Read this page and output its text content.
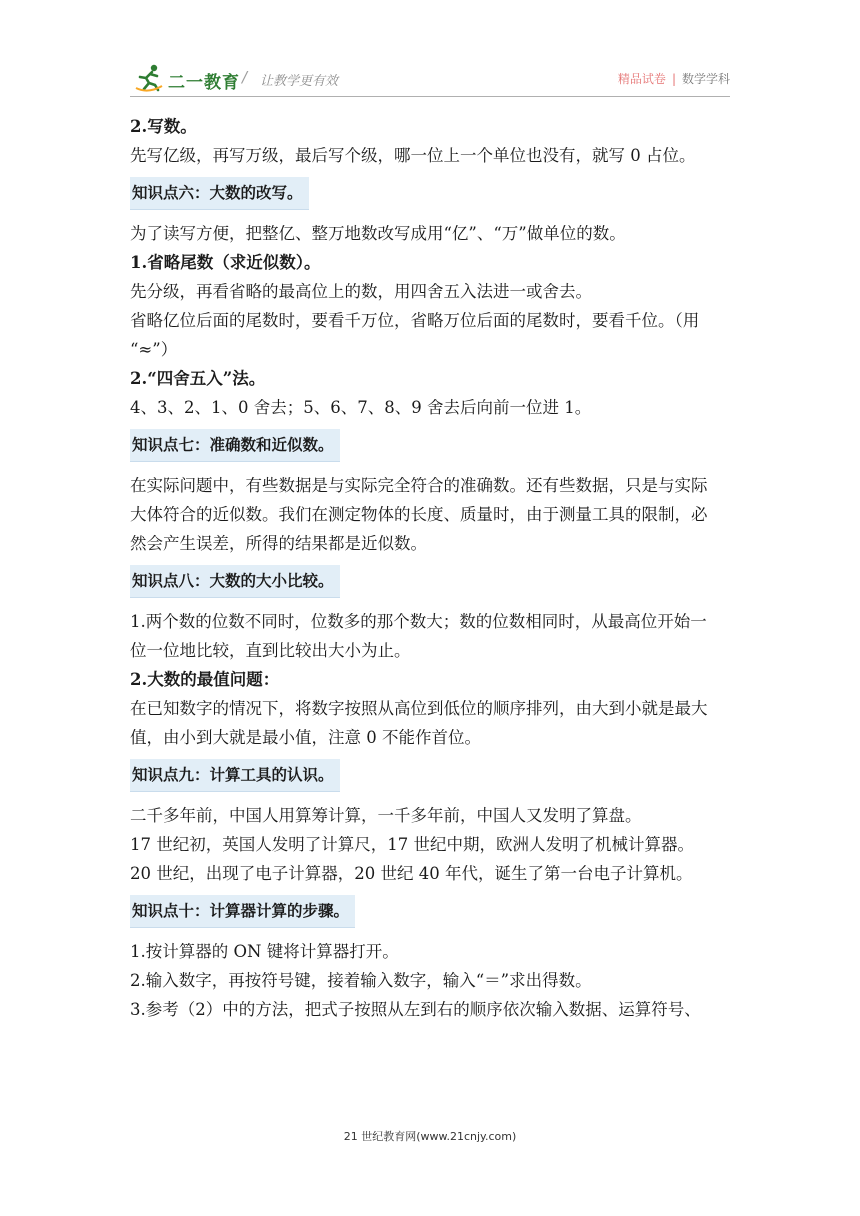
二一教育 / 让教学更有效	精品试卷 | 数学学科
2.写数。
先写亿级，再写万级，最后写个级，哪一位上一个单位也没有，就写 0 占位。
知识点六：大数的改写。
为了读写方便，把整亿、整万地数改写成用“亿”、“万”做单位的数。
1.省略尾数（求近似数）。
先分级，再看省略的最高位上的数，用四舍五入法进一或舍去。
省略亿位后面的尾数时，要看千万位，省略万位后面的尾数时，要看千位。（用
“≈”）
2.“四舍五入”法。
4、3、2、1、0 舍去；5、6、7、8、9 舍去后向前一位进 1。
知识点七：准确数和近似数。
在实际问题中，有些数据是与实际完全符合的准确数。还有些数据，只是与实际
大体符合的近似数。我们在测定物体的长度、质量时，由于测量工具的限制，必
然会产生误差，所得的结果都是近似数。
知识点八：大数的大小比较。
1.两个数的位数不同时，位数多的那个数大；数的位数相同时，从最高位开始一
位一位地比较，直到比较出大小为止。
2.大数的最值问题：
在已知数字的情况下，将数字按照从高位到低位的顺序排列，由大到小就是最大
值，由小到大就是最小值，注意 0 不能作首位。
知识点九：计算工具的认识。
二千多年前，中国人用算筹计算，一千多年前，中国人又发明了算盘。
17 世纪初，英国人发明了计算尺，17 世纪中期，欧洲人发明了机械计算器。
20 世纪，出现了电子计算器，20 世纪 40 年代，诞生了第一台电子计算机。
知识点十：计算器计算的步骤。
1.按计算器的 ON 键将计算器打开。
2.输入数字，再按符号键，接着输入数字，输入“＝”求出得数。
3.参考（2）中的方法，把式子按照从左到右的顺序依次输入数据、运算符号、
21 世纪教育网(www.21cnjy.com)
